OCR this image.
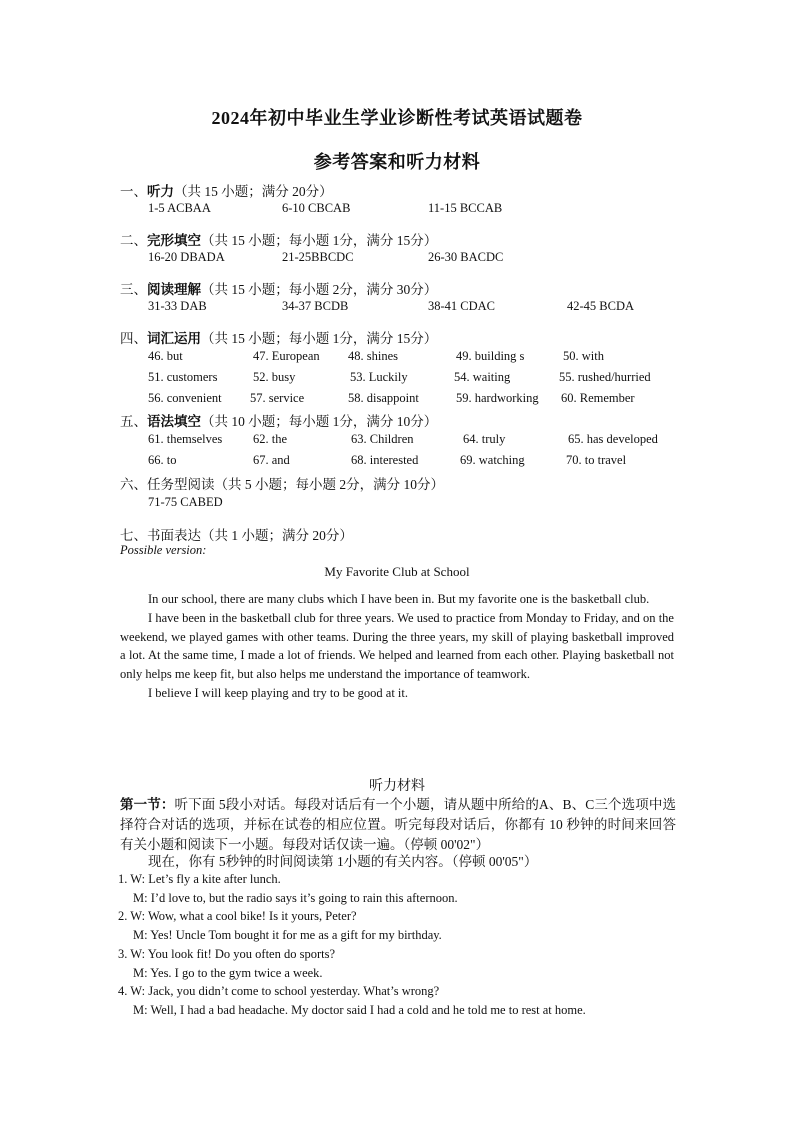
2024年初中毕业生学业诊断性考试英语试题卷
参考答案和听力材料
一、听力（共 15 小题；满分 20分）
1-5 ACBAA	6-10 CBCAB	11-15 BCCAB
二、完形填空（共 15 小题；每小题 1分，满分 15分）
16-20 DBADA	21-25BBCDC	26-30 BACDC
三、阅读理解（共 15 小题；每小题 2分，满分 30分）
31-33 DAB	34-37 BCDB	38-41 CDAC	42-45 BCDA
四、词汇运用（共 15 小题；每小题 1分，满分 15分）
46. but	47. European 48. shines	49. building s	50. with
51. customers	52. busy	53. Luckily	54. waiting	55. rushed/hurried
56. convenient 57. service	58. disappoint	59. hardworking 60. Remember
五、语法填空（共 10 小题；每小题 1分，满分 10分）
61. themselves 62. the	63. Children	64. truly	65. has developed
66. to	67. and	68. interested	69. watching	70. to travel
六、任务型阅读（共 5 小题；每小题 2分，满分 10分）
71-75 CABED
七、书面表达（共 1 小题；满分 20分）
Possible version:
My Favorite Club at School

In our school, there are many clubs which I have been in. But my favorite one is the basketball club.

I have been in the basketball club for three years. We used to practice from Monday to Friday, and on the weekend, we played games with other teams. During the three years, my skill of playing basketball improved a lot. At the same time, I made a lot of friends. We helped and learned from each other. Playing basketball not only helps me keep fit, but also helps me understand the importance of teamwork.

I believe I will keep playing and try to be good at it.

听力材料
第一节：听下面 5段小对话。每段对话后有一个小题，请从题中所给的A、B、C三个选项中选择符合对话的选项，并标在试卷的相应位置。听完每段对话后，你都有 10 秒钟的时间来回答有关小题和阅读下一小题。每段对话仅读一遍。（停顿 00'02"）
现在，你有 5秒钟的时间阅读第 1小题的有关内容。（停顿 00'05"）
1. W: Let’s fly a kite after lunch.
M: I’d love to, but the radio says it’s going to rain this afternoon.
2. W: Wow, what a cool bike! Is it yours, Peter?
M: Yes! Uncle Tom bought it for me as a gift for my birthday.
3. W: You look fit! Do you often do sports?
M: Yes. I go to the gym twice a week.
4. W: Jack, you didn’t come to school yesterday. What’s wrong?
M: Well, I had a bad headache. My doctor said I had a cold and he told me to rest at home.
